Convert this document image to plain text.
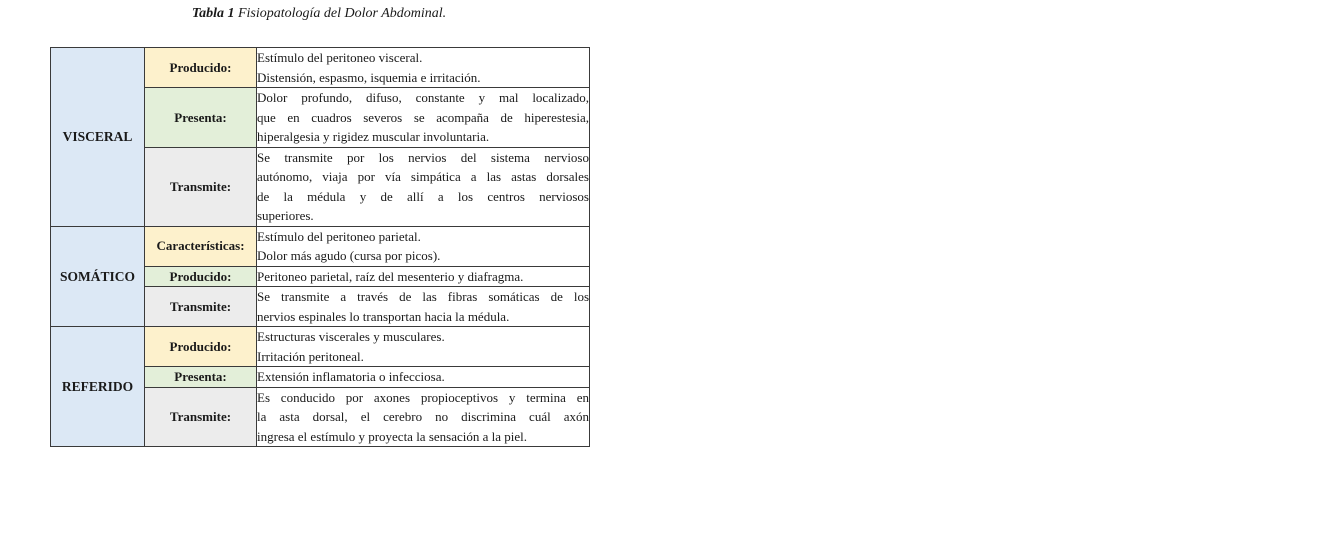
Tabla 1 Fisiopatología del Dolor Abdominal.
VISCERAL	Producido:	Estímulo del peritoneo visceral.
Distensión, espasmo, isquemia e irritación.

	Presenta:	Dolor profundo, difuso, constante y mal localizado,
que en cuadros severos se acompaña de hiperestesia,
hiperalgesia y rigidez muscular involuntaria.

	Transmite:	Se transmite por los nervios del sistema nervioso
autónomo, viaja por vía simpática a las astas dorsales
de la médula y de allí a los centros nerviosos
superiores.

SOMÁTICO	Características:	Estímulo del peritoneo parietal.
Dolor más agudo (cursa por picos).

	Producido:	Peritoneo parietal, raíz del mesenterio y diafragma.

	Transmite:	Se transmite a través de las fibras somáticas de los
nervios espinales lo transportan hacia la médula.

REFERIDO	Producido:	Estructuras viscerales y musculares.
Irritación peritoneal.

	Presenta:	Extensión inflamatoria o infecciosa.

	Transmite:	Es conducido por axones propioceptivos y termina en
la asta dorsal, el cerebro no discrimina cuál axón
ingresa el estímulo y proyecta la sensación a la piel.
